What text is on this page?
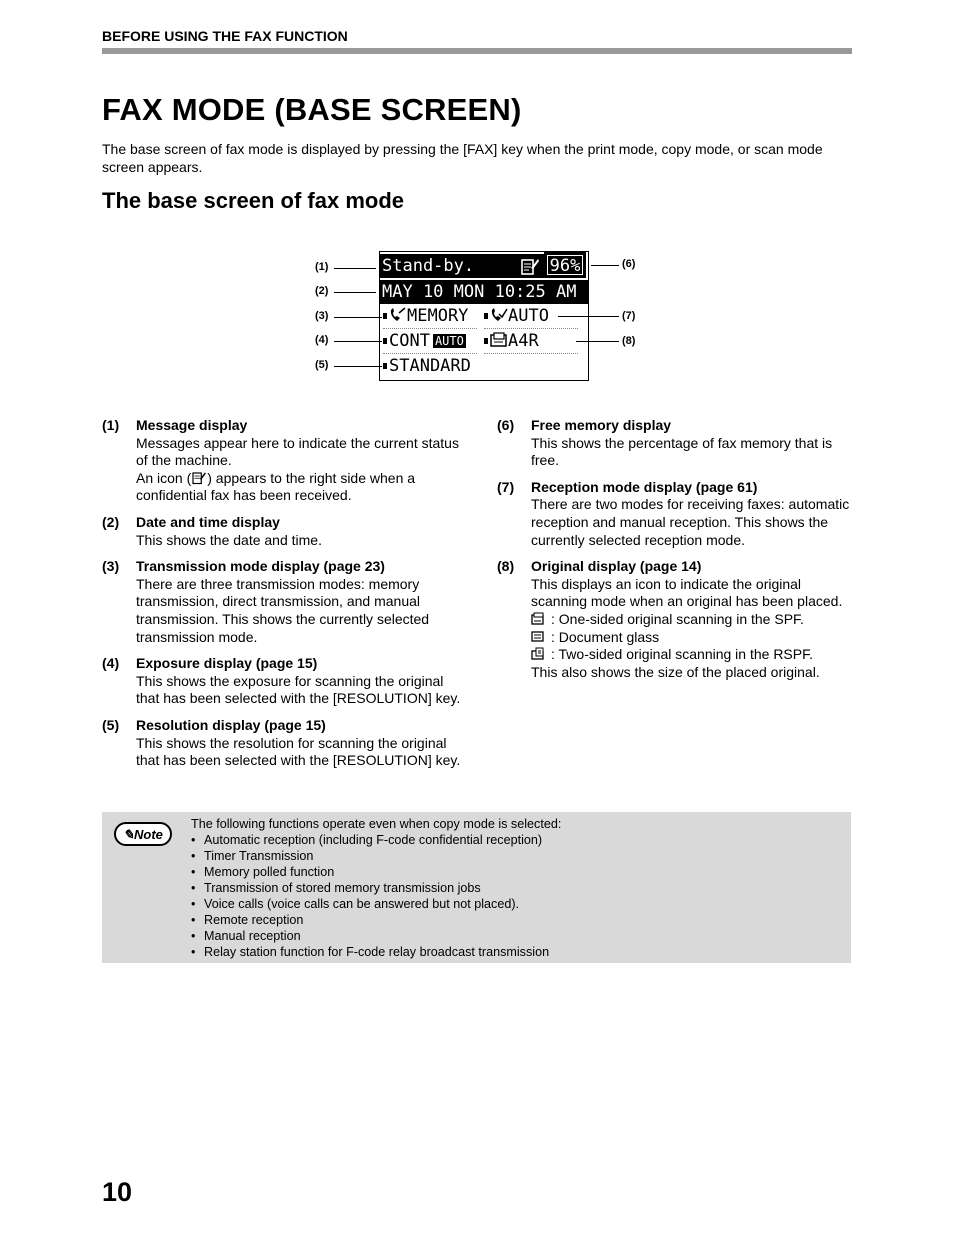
BEFORE USING THE FAX FUNCTION
FAX MODE (BASE SCREEN)
The base screen of fax mode is displayed by pressing the [FAX] key when the print mode, copy mode, or scan mode screen appears.
The base screen of fax mode
Stand-by.	96%
MAY 10 MON 10:25 AM
MEMORY	AUTO
CONT AUTO	A4R
STANDARD
(1)
(2)
(3)
(4)
(5)
(6)
(7)
(8)
(1) Message display
Messages appear here to indicate the current status of the machine.
An icon ( ) appears to the right side when a confidential fax has been received.
(2) Date and time display
This shows the date and time.
(3) Transmission mode display (page 23)
There are three transmission modes: memory transmission, direct transmission, and manual transmission. This shows the currently selected transmission mode.
(4) Exposure display (page 15)
This shows the exposure for scanning the original that has been selected with the [RESOLUTION] key.
(5) Resolution display (page 15)
This shows the resolution for scanning the original that has been selected with the [RESOLUTION] key.
(6) Free memory display
This shows the percentage of fax memory that is free.
(7) Reception mode display (page 61)
There are two modes for receiving faxes: automatic reception and manual reception. This shows the currently selected reception mode.
(8) Original display (page 14)
This displays an icon to indicate the original scanning mode when an original has been placed.
: One-sided original scanning in the SPF.
: Document glass
: Two-sided original scanning in the RSPF.
This also shows the size of the placed original.
✎Note
The following functions operate even when copy mode is selected:
• Automatic reception (including F-code confidential reception)
• Timer Transmission
• Memory polled function
• Transmission of stored memory transmission jobs
• Voice calls (voice calls can be answered but not placed).
• Remote reception
• Manual reception
• Relay station function for F-code relay broadcast transmission
10
